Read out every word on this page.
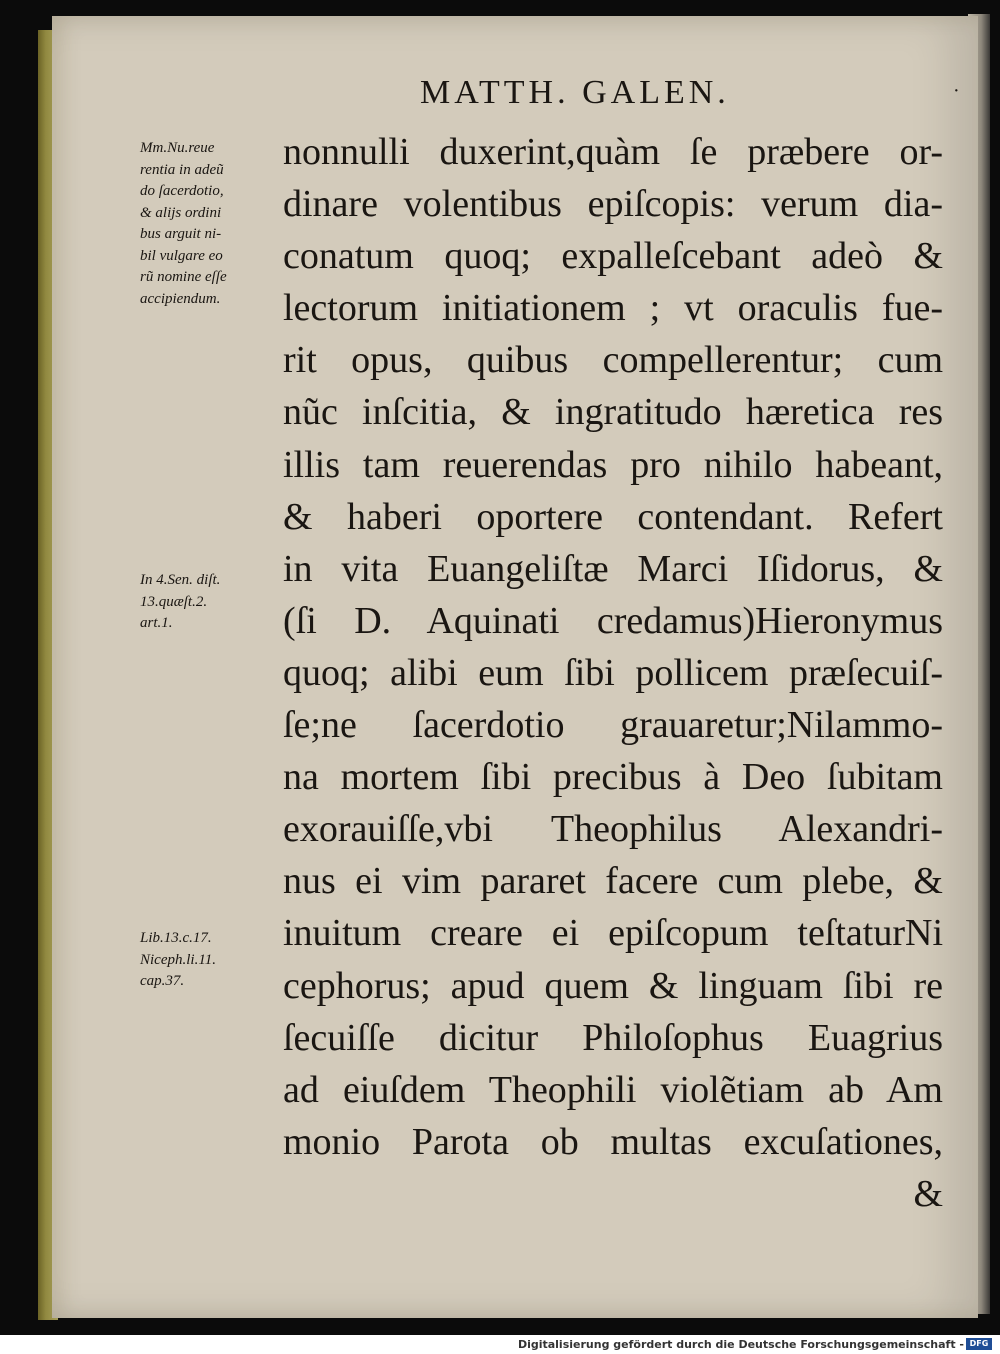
MATTH. GALEN.	·
nonnulli duxerint,quàm ſe præbere or-
dinare volentibus epiſcopis: verum dia-
conatum quoq; expalleſcebant adeò &
lectorum initiationem ; vt oraculis fue-
rit opus, quibus compellerentur; cum
nũc inſcitia, & ingratitudo hæretica res
illis tam reuerendas pro nihilo habeant,
& haberi oportere contendant. Refert
in vita Euangeliſtæ Marci Iſidorus, &
(ſi D. Aquinati credamus)Hieronymus
quoq; alibi eum ſibi pollicem præſecuiſ-
ſe;ne ſacerdotio grauaretur;Nilammo-
na mortem ſibi precibus à Deo ſubitam
exorauiſſe,vbi Theophilus Alexandri-
nus ei vim pararet facere cum plebe, &
inuitum creare ei epiſcopum teſtaturNi
cephorus; apud quem & linguam ſibi re
ſecuiſſe dicitur Philoſophus Euagrius
ad eiuſdem Theophili violẽtiam ab Am
monio Parota ob multas excuſationes,
&
Mm.Nu.reue
rentia in adeũ
do ſacerdotio,
& alijs ordini
bus arguit ni-
bil vulgare eo
rũ nomine eſſe
accipiendum.
In 4.Sen. diſt.
13.quæſt.2.
art.1.
Lib.13.c.17.
Niceph.li.11.
cap.37.
Digitalisierung gefördert durch die Deutsche Forschungsgemeinschaft - DFG
